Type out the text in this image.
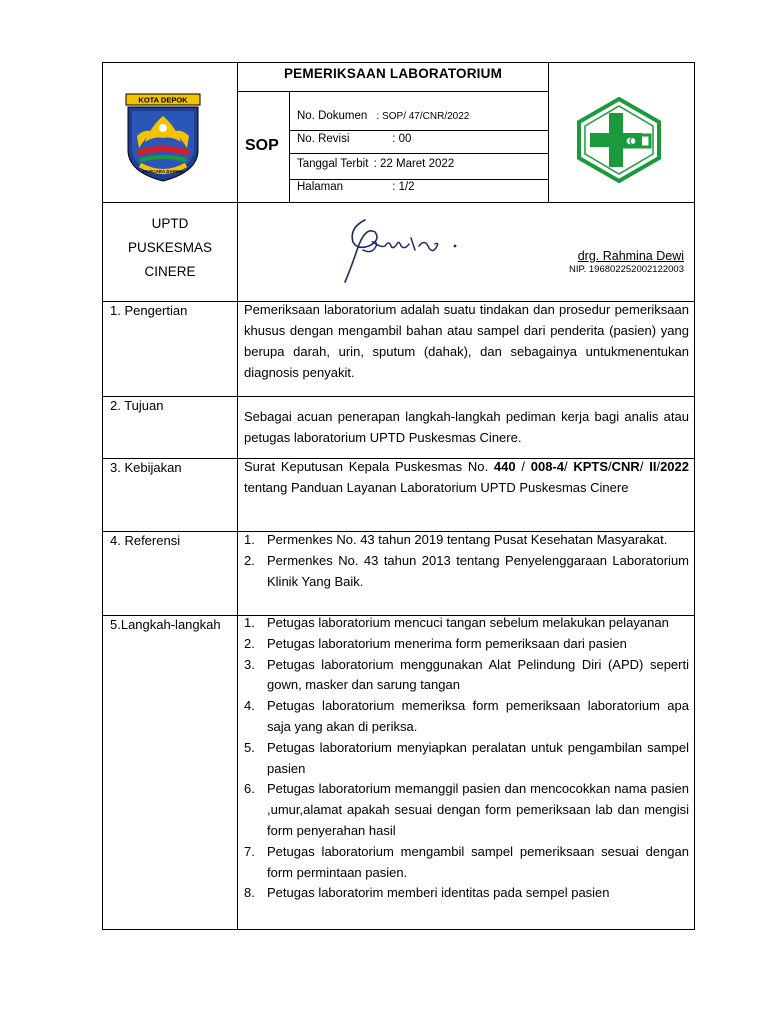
PEMERIKSAAN LABORATORIUM
SOP
No. Dokumen : SOP/ 47/CNR/2022
No. Revisi	: 00
Tanggal Terbit : 22 Maret 2022
Halaman	: 1/2
KOTA DEPOK
PARCARA DARMA
UPTD
PUSKESMAS
CINERE
drg. Rahmina Dewi
NIP. 196802252002122003
1. Pengertian	Pemeriksaan laboratorium adalah suatu tindakan dan prosedur pemeriksaan khusus dengan mengambil bahan atau sampel dari penderita (pasien) yang berupa darah, urin, sputum (dahak), dan sebagainya untukmenentukan diagnosis penyakit.
2. Tujuan
Sebagai acuan penerapan langkah-langkah pediman kerja bagi analis atau petugas laboratorium UPTD Puskesmas Cinere.
3. Kebijakan	Surat Keputusan Kepala Puskesmas No. 440 / 008-4/ KPTS/CNR/ II/2022 tentang Panduan Layanan Laboratorium UPTD Puskesmas Cinere
4. Referensi	1. Permenkes No. 43 tahun 2019 tentang Pusat Kesehatan Masyarakat.
2. Permenkes No. 43 tahun 2013 tentang Penyelenggaraan Laboratorium Klinik Yang Baik.
5.Langkah-langkah 1. Petugas laboratorium mencuci tangan sebelum melakukan pelayanan
2. Petugas laboratorium menerima form pemeriksaan dari pasien
3. Petugas laboratorium menggunakan Alat Pelindung Diri (APD) seperti gown, masker dan sarung tangan
4. Petugas laboratorium memeriksa form pemeriksaan laboratorium apa saja yang akan di periksa.
5. Petugas laboratorium menyiapkan peralatan untuk pengambilan sampel pasien
6. Petugas laboratorium memanggil pasien dan mencocokkan nama pasien ,umur,alamat apakah sesuai dengan form pemeriksaan lab dan mengisi form penyerahan hasil
7. Petugas laboratorium mengambil sampel pemeriksaan sesuai dengan form permintaan pasien.
8. Petugas laboratorim memberi identitas pada sempel pasien
